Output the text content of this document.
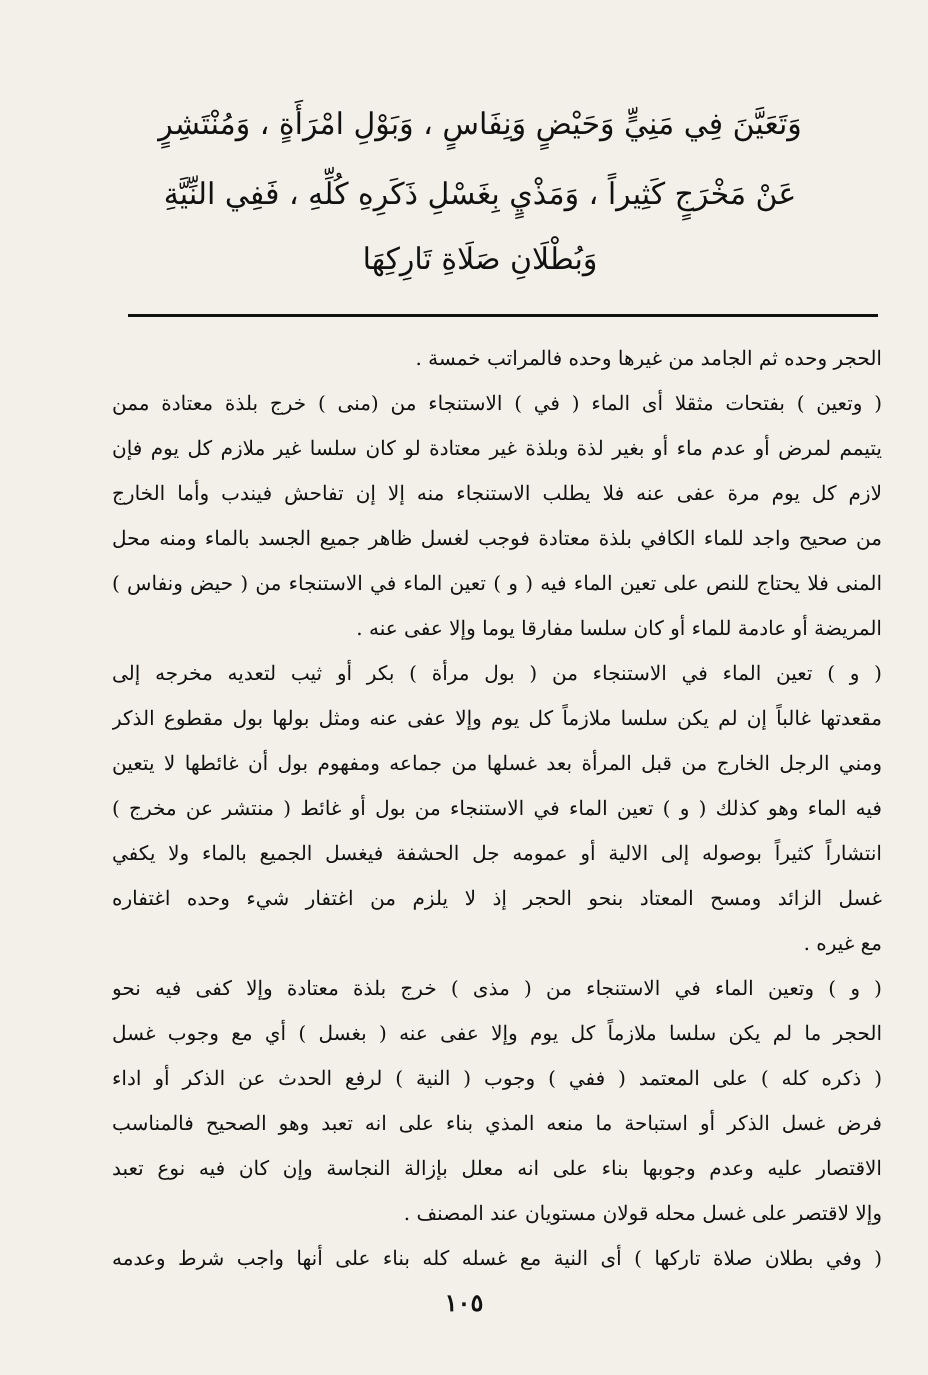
وَتَعَيَّنَ فِي مَنِيٍّ وَحَيْضٍ وَنِفَاسٍ ، وَبَوْلِ امْرَأَةٍ ، وَمُنْتَشِرٍ
عَنْ مَخْرَجٍ كَثِيراً ، وَمَذْيٍ بِغَسْلِ ذَكَرِهِ كُلِّهِ ، فَفِي النِّيَّةِ
وَبُطْلَانِ صَلَاةِ تَارِكِهَا
الحجر وحده ثم الجامد من غيرها وحده فالمراتب خمسة .
( وتعين ) بفتحات مثقلا أى الماء ( في ) الاستنجاء من (منى ) خرج بلذة معتادة ممن
يتيمم لمرض أو عدم ماء أو بغير لذة وبلذة غير معتادة لو كان سلسا غير ملازم كل يوم فإن
لازم كل يوم مرة عفى عنه فلا يطلب الاستنجاء منه إلا إن تفاحش فيندب وأما الخارج
من صحيح واجد للماء الكافي بلذة معتادة فوجب لغسل ظاهر جميع الجسد بالماء ومنه محل
المنى فلا يحتاج للنص على تعين الماء فيه ( و ) تعين الماء في الاستنجاء من ( حيض ونفاس )
المريضة أو عادمة للماء أو كان سلسا مفارقا يوما وإلا عفى عنه .
( و ) تعين الماء في الاستنجاء من ( بول مرأة ) بكر أو ثيب لتعديه مخرجه إلى
مقعدتها غالباً إن لم يكن سلسا ملازماً كل يوم وإلا عفى عنه ومثل بولها بول مقطوع الذكر
ومني الرجل الخارج من قبل المرأة بعد غسلها من جماعه ومفهوم بول أن غائطها لا يتعين
فيه الماء وهو كذلك ( و ) تعين الماء في الاستنجاء من بول أو غائط ( منتشر عن مخرج )
انتشاراً كثيراً بوصوله إلى الالية أو عمومه جل الحشفة فيغسل الجميع بالماء ولا يكفي
غسل الزائد ومسح المعتاد بنحو الحجر إذ لا يلزم من اغتفار شيء وحده اغتفاره
مع غيره .
( و ) وتعين الماء في الاستنجاء من ( مذى ) خرج بلذة معتادة وإلا كفى فيه نحو
الحجر ما لم يكن سلسا ملازماً كل يوم وإلا عفى عنه ( بغسل ) أي مع وجوب غسل
( ذكره كله ) على المعتمد ( ففي ) وجوب ( النية ) لرفع الحدث عن الذكر أو اداء
فرض غسل الذكر أو استباحة ما منعه المذي بناء على انه تعبد وهو الصحيح فالمناسب
الاقتصار عليه وعدم وجوبها بناء على انه معلل بإزالة النجاسة وإن كان فيه نوع تعبد
وإلا لاقتصر على غسل محله قولان مستويان عند المصنف .
( وفي بطلان صلاة تاركها ) أى النية مع غسله كله بناء على أنها واجب شرط وعدمه
١٠٥
